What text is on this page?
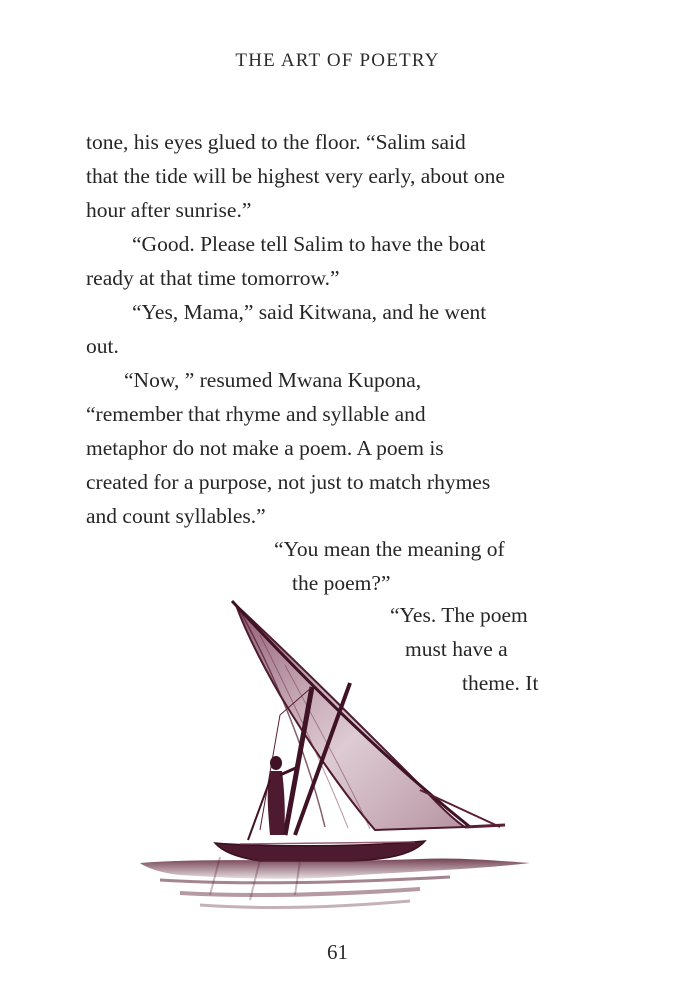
THE ART OF POETRY
tone, his eyes glued to the floor. “Salim said
that the tide will be highest very early, about one
hour after sunrise.”
“Good. Please tell Salim to have the boat
ready at that time tomorrow.”
“Yes, Mama,” said Kitwana, and he went
out.
“Now, ” resumed Mwana Kupona,
“remember that rhyme and syllable and
metaphor do not make a poem. A poem is
created for a purpose, not just to match rhymes
and count syllables.”
“You mean the meaning of
the poem?”
“Yes. The poem
must have a
theme. It
61
